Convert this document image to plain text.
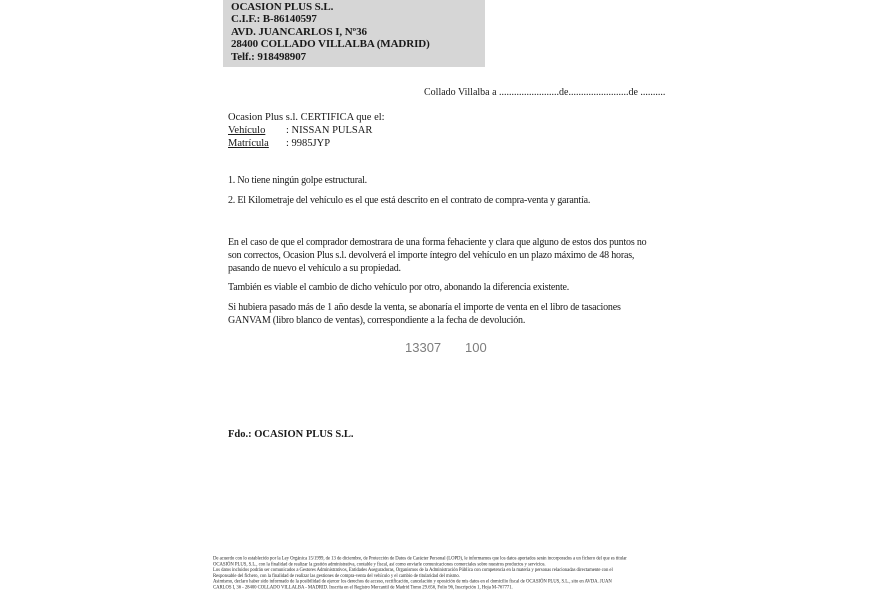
OCASION PLUS S.L.
C.I.F.: B-86140597
AVD. JUANCARLOS I, Nº36
28400 COLLADO VILLALBA (MADRID)
Telf.: 918498907
Collado Villalba a ........................de........................de ..........
Ocasion Plus s.l. CERTIFICA que el:
Vehículo : NISSAN PULSAR
Matrícula : 9985JYP
1. No tiene ningún golpe estructural.
2. El Kilometraje del vehículo es el que está descrito en el contrato de compra-venta y garantía.
En el caso de que el comprador demostrara de una forma fehaciente y clara que alguno de estos dos puntos no
son correctos, Ocasion Plus s.l. devolverá el importe íntegro del vehículo en un plazo máximo de 48 horas,
pasando de nuevo el vehículo a su propiedad.
También es viable el cambio de dicho vehículo por otro, abonando la diferencia existente.
Si hubiera pasado más de 1 año desde la venta, se abonaría el importe de venta en el libro de tasaciones
GANVAM (libro blanco de ventas), correspondiente a la fecha de devolución.
13307 100
Fdo.: OCASION PLUS S.L.
De acuerdo con lo establecido por la Ley Orgánica 15/1999, de 13 de diciembre, de Protección de Datos de Carácter Personal (LOPD), le informamos que los datos aportados serán incorporados a un fichero del que es titular
OCASIÓN PLUS, S.L., con la finalidad de realizar la gestión administrativa, contable y fiscal, así como enviarle comunicaciones comerciales sobre nuestros productos y servicios.
Los datos incluidos podrán ser comunicados a Gestores Administrativos, Entidades Aseguradoras, Organismos de la Administración Pública con competencia en la materia y personas relacionadas directamente con el
Responsable del fichero, con la finalidad de realizar las gestiones de compra-venta del vehículo y el cambio de titularidad del mismo.
Asimismo, declaro haber sido informado de la posibilidad de ejercer los derechos de acceso, rectificación, cancelación y oposición de mis datos en el domicilio fiscal de OCASIÓN PLUS, S.L., sito en AVDA. JUAN
CARLOS I, 36 - 28400 COLLADO VILLALBA - MADRID. Inscrita en el Registro Mercantil de Madrid Tomo 29.656, Folio 96, Inscripción 1, Hoja M-767771.
